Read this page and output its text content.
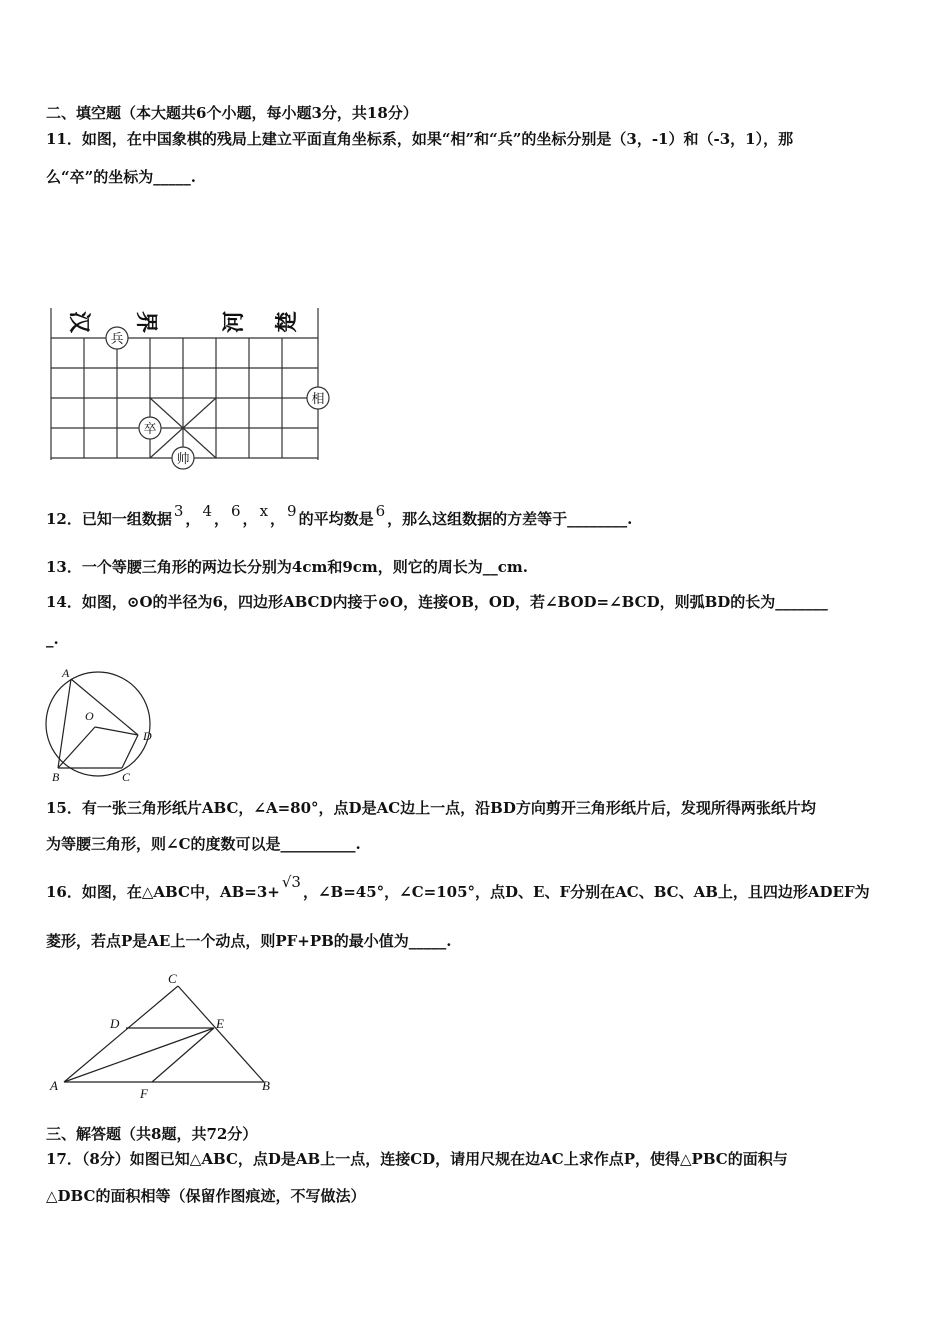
二、填空题（本大题共6个小题，每小题3分，共18分）
11．如图，在中国象棋的残局上建立平面直角坐标系，如果“相”和“兵”的坐标分别是（3，-1）和（-3，1），那
么“卒”的坐标为_____.
汉 界	河 楚
兵
相
卒
帅
12．已知一组数据 3 ， 4 ， 6 ， x ， 9 的平均数是 6 ，那么这组数据的方差等于________.
13．一个等腰三角形的两边长分别为4cm和9cm，则它的周长为__cm.
14．如图，⊙O的半径为6，四边形ABCD内接于⊙O，连接OB，OD，若∠BOD=∠BCD，则弧BD的长为_______
_.
A
O
D
B	C
15．有一张三角形纸片ABC，∠A=80°，点D是AC边上一点，沿BD方向剪开三角形纸片后，发现所得两张纸片均
为等腰三角形，则∠C的度数可以是__________.
16．如图，在△ABC中，AB=3+√3，∠B=45°，∠C=105°，点D、E、F分别在AC、BC、AB上，且四边形ADEF为
菱形，若点P是AE上一个动点，则PF+PB的最小值为_____.
C
D	E
A
F
B
三、解答题（共8题，共72分）
17．（8分）如图已知△ABC，点D是AB上一点，连接CD，请用尺规在边AC上求作点P，使得△PBC的面积与
△DBC的面积相等（保留作图痕迹，不写做法）
